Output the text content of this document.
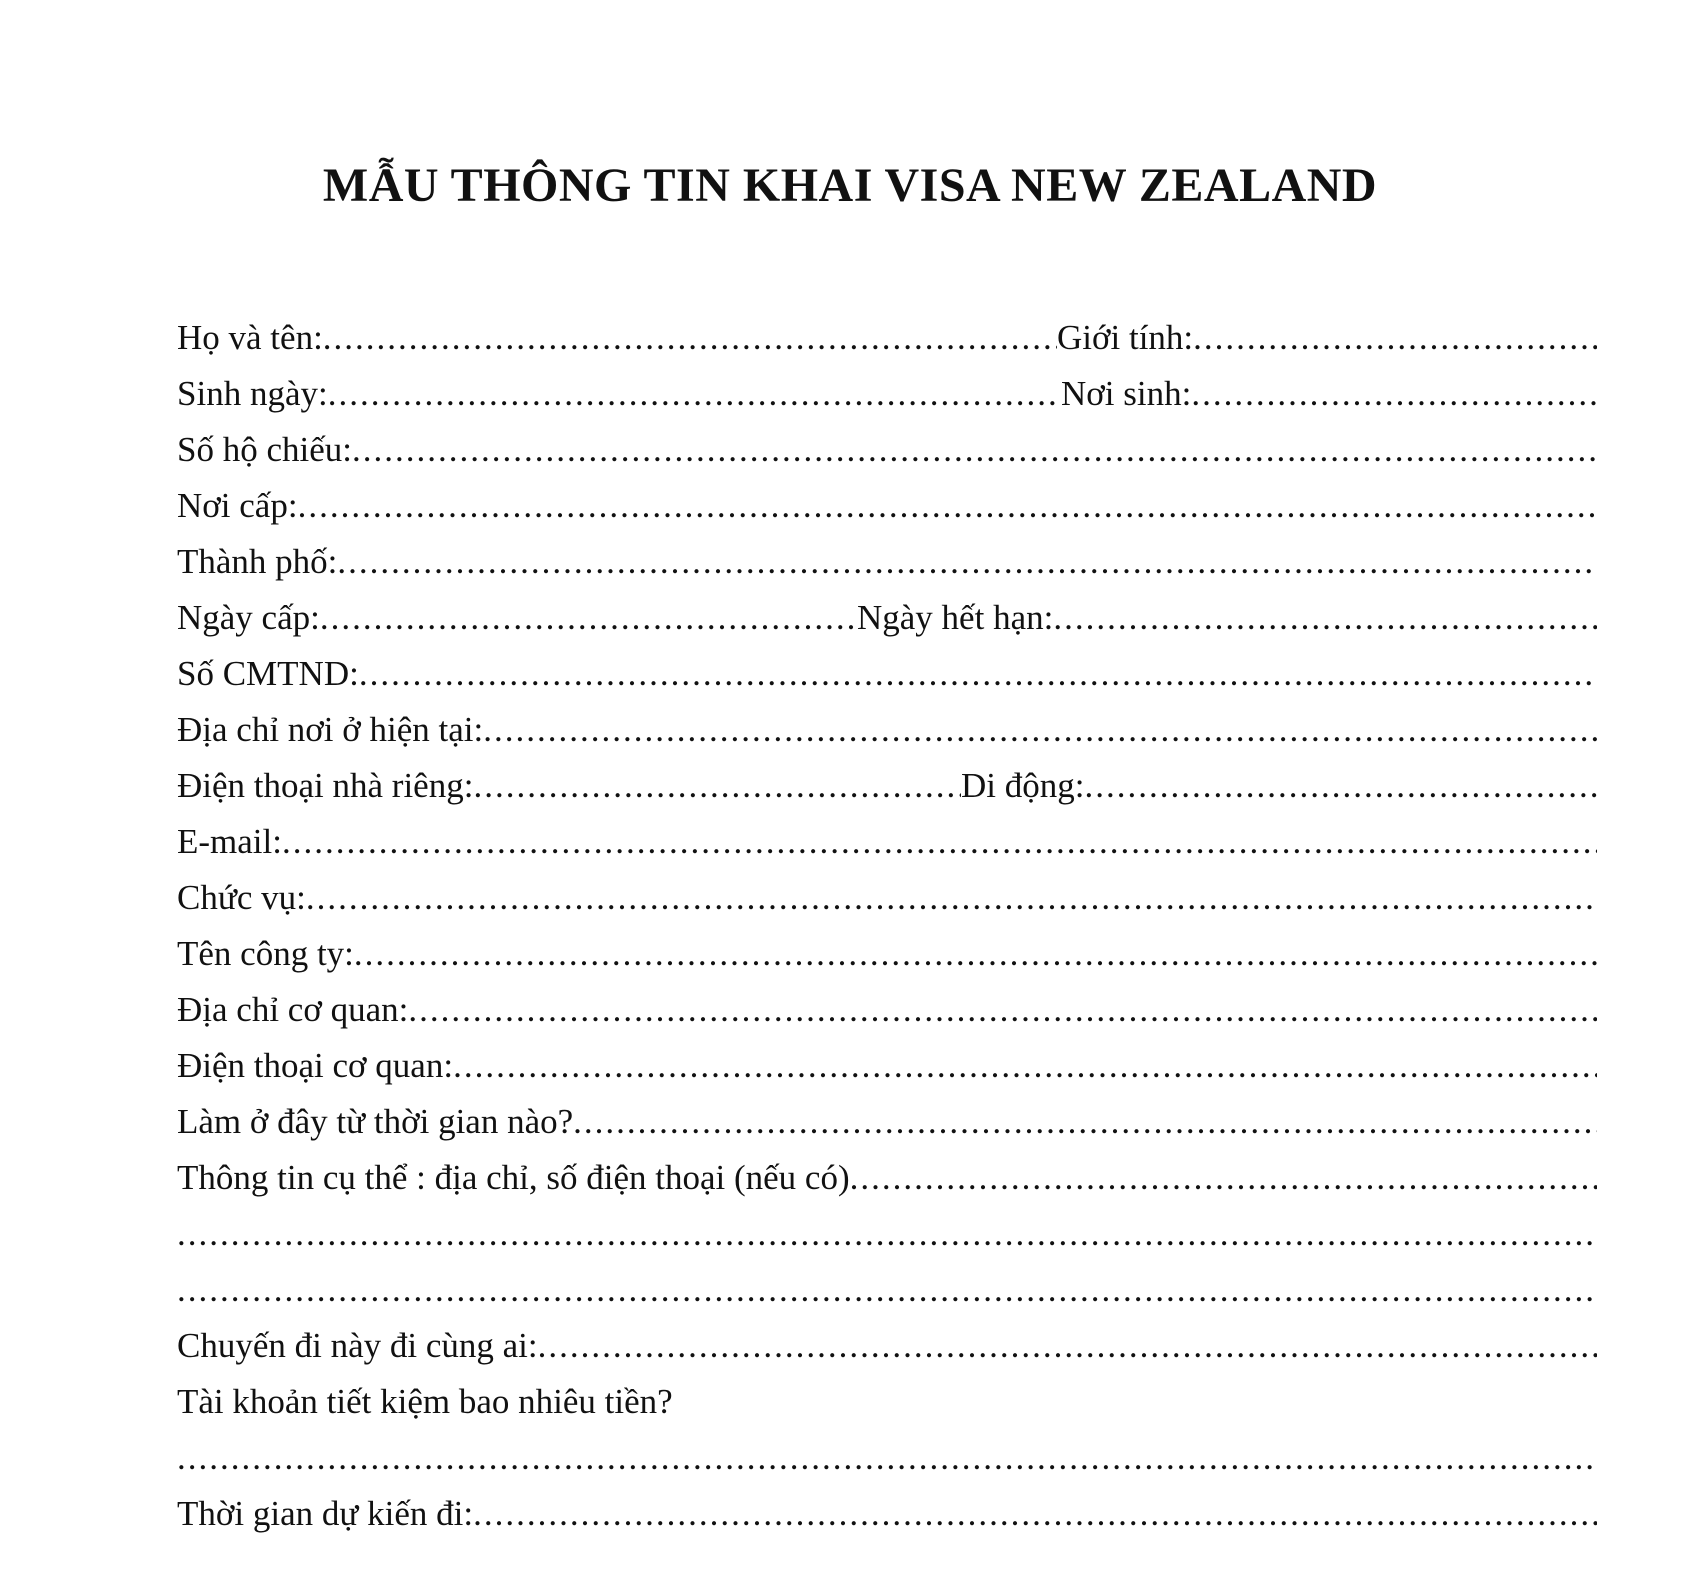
MẪU THÔNG TIN KHAI VISA NEW ZEALAND
Họ và tên: .....	Giới tính:
.....
Sinh ngày: .....	Nơi sinh:
.....
Số hộ chiếu:
.....
Nơi cấp:
.....
Thành phố:
.....
Ngày cấp: .....	Ngày hết hạn:
.....
Số CMTND:
.....
Địa chỉ nơi ở hiện tại:
.....
Điện thoại nhà riêng: .....	Di động:
.....
E-mail:
.....
Chức vụ:
.....
Tên công ty:
.....
Địa chỉ cơ quan:
.....
Điện thoại cơ quan:
.....
Làm ở đây từ thời gian nào?
.....
Thông tin cụ thể : địa chỉ, số điện thoại (nếu có)
.....
.....
.....
Chuyến đi này đi cùng ai:
.....
Tài khoản tiết kiệm bao nhiêu tiền?
.....
Thời gian dự kiến đi:
.....
